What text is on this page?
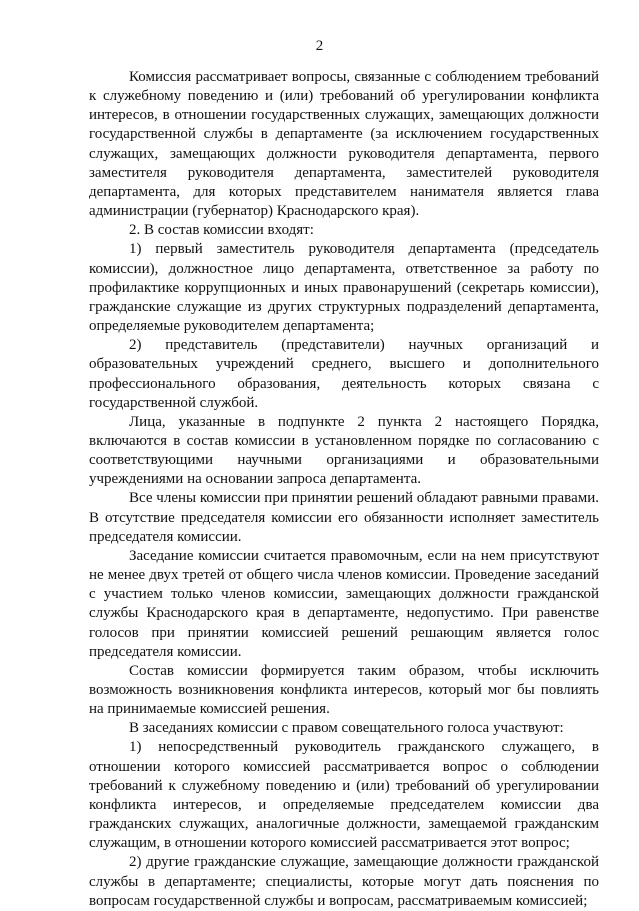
2

Комиссия рассматривает вопросы, связанные с соблюдением требований к служебному поведению и (или) требований об урегулировании конфликта интересов, в отношении государственных служащих, замещающих должности государственной службы в департаменте (за исключением государственных служащих, замещающих должности руководителя департамента, первого заместителя руководителя департамента, заместителей руководителя департамента, для которых представителем нанимателя является глава администрации (губернатор) Краснодарского края).

2. В состав комиссии входят:

1) первый заместитель руководителя департамента (председатель комиссии), должностное лицо департамента, ответственное за работу по профилактике коррупционных и иных правонарушений (секретарь комиссии), гражданские служащие из других структурных подразделений департамента, определяемые руководителем департамента;

2) представитель (представители) научных организаций и образовательных учреждений среднего, высшего и дополнительного профессионального образования, деятельность которых связана с государственной службой.

Лица, указанные в подпункте 2 пункта 2 настоящего Порядка, включаются в состав комиссии в установленном порядке по согласованию с соответствующими научными организациями и образовательными учреждениями на основании запроса департамента.

Все члены комиссии при принятии решений обладают равными правами. В отсутствие председателя комиссии его обязанности исполняет заместитель председателя комиссии.

Заседание комиссии считается правомочным, если на нем присутствуют не менее двух третей от общего числа членов комиссии. Проведение заседаний с участием только членов комиссии, замещающих должности гражданской службы Краснодарского края в департаменте, недопустимо. При равенстве голосов при принятии комиссией решений решающим является голос председателя комиссии.

Состав комиссии формируется таким образом, чтобы исключить возможность возникновения конфликта интересов, который мог бы повлиять на принимаемые комиссией решения.

В заседаниях комиссии с правом совещательного голоса участвуют:

1) непосредственный руководитель гражданского служащего, в отношении которого комиссией рассматривается вопрос о соблюдении требований к служебному поведению и (или) требований об урегулировании конфликта интересов, и определяемые председателем комиссии два гражданских служащих, аналогичные должности, замещаемой гражданским служащим, в отношении которого комиссией рассматривается этот вопрос;

2) другие гражданские служащие, замещающие должности гражданской службы в департаменте; специалисты, которые могут дать пояснения по вопросам государственной службы и вопросам, рассматриваемым комиссией;
